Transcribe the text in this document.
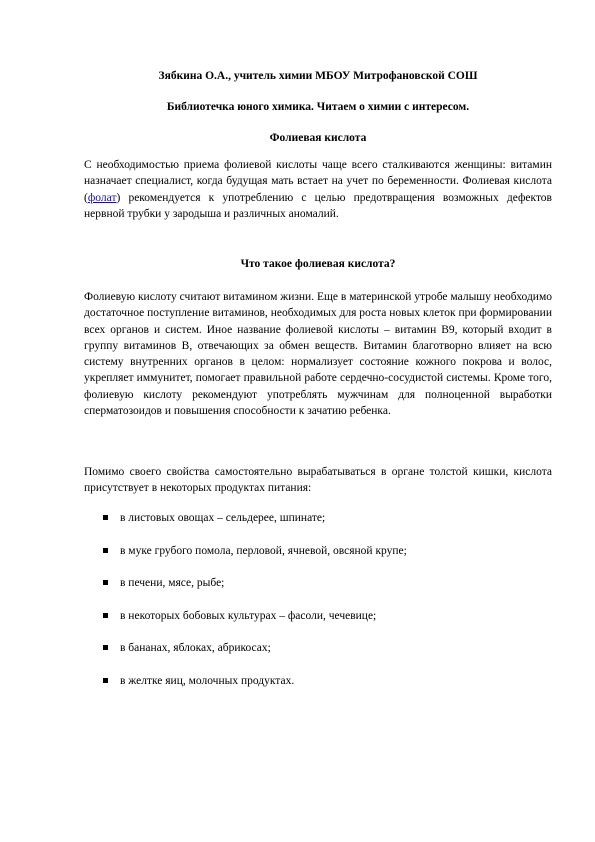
Зябкина О.А., учитель химии МБОУ Митрофановской СОШ
Библиотечка юного химика. Читаем о химии с интересом.
Фолиевая кислота

С необходимостью приема фолиевой кислоты чаще всего сталкиваются женщины: витамин назначает специалист, когда будущая мать встает на учет по беременности. Фолиевая кислота (фолат) рекомендуется к употреблению с целью предотвращения возможных дефектов нервной трубки у зародыша и различных аномалий.

Что такое фолиевая кислота?

Фолиевую кислоту считают витамином жизни. Еще в материнской утробе малышу необходимо достаточное поступление витаминов, необходимых для роста новых клеток при формировании всех органов и систем. Иное название фолиевой кислоты – витамин В9, который входит в группу витаминов В, отвечающих за обмен веществ. Витамин благотворно влияет на всю систему внутренних органов в целом: нормализует состояние кожного покрова и волос, укрепляет иммунитет, помогает правильной работе сердечно-сосудистой системы. Кроме того, фолиевую кислоту рекомендуют употреблять мужчинам для полноценной выработки сперматозоидов и повышения способности к зачатию ребенка.

Помимо своего свойства самостоятельно вырабатываться в органе толстой кишки, кислота присутствует в некоторых продуктах питания:

в листовых овощах – сельдерее, шпинате;
в муке грубого помола, перловой, ячневой, овсяной крупе;
в печени, мясе, рыбе;
в некоторых бобовых культурах – фасоли, чечевице;
в бананах, яблоках, абрикосах;
в желтке яиц, молочных продуктах.
